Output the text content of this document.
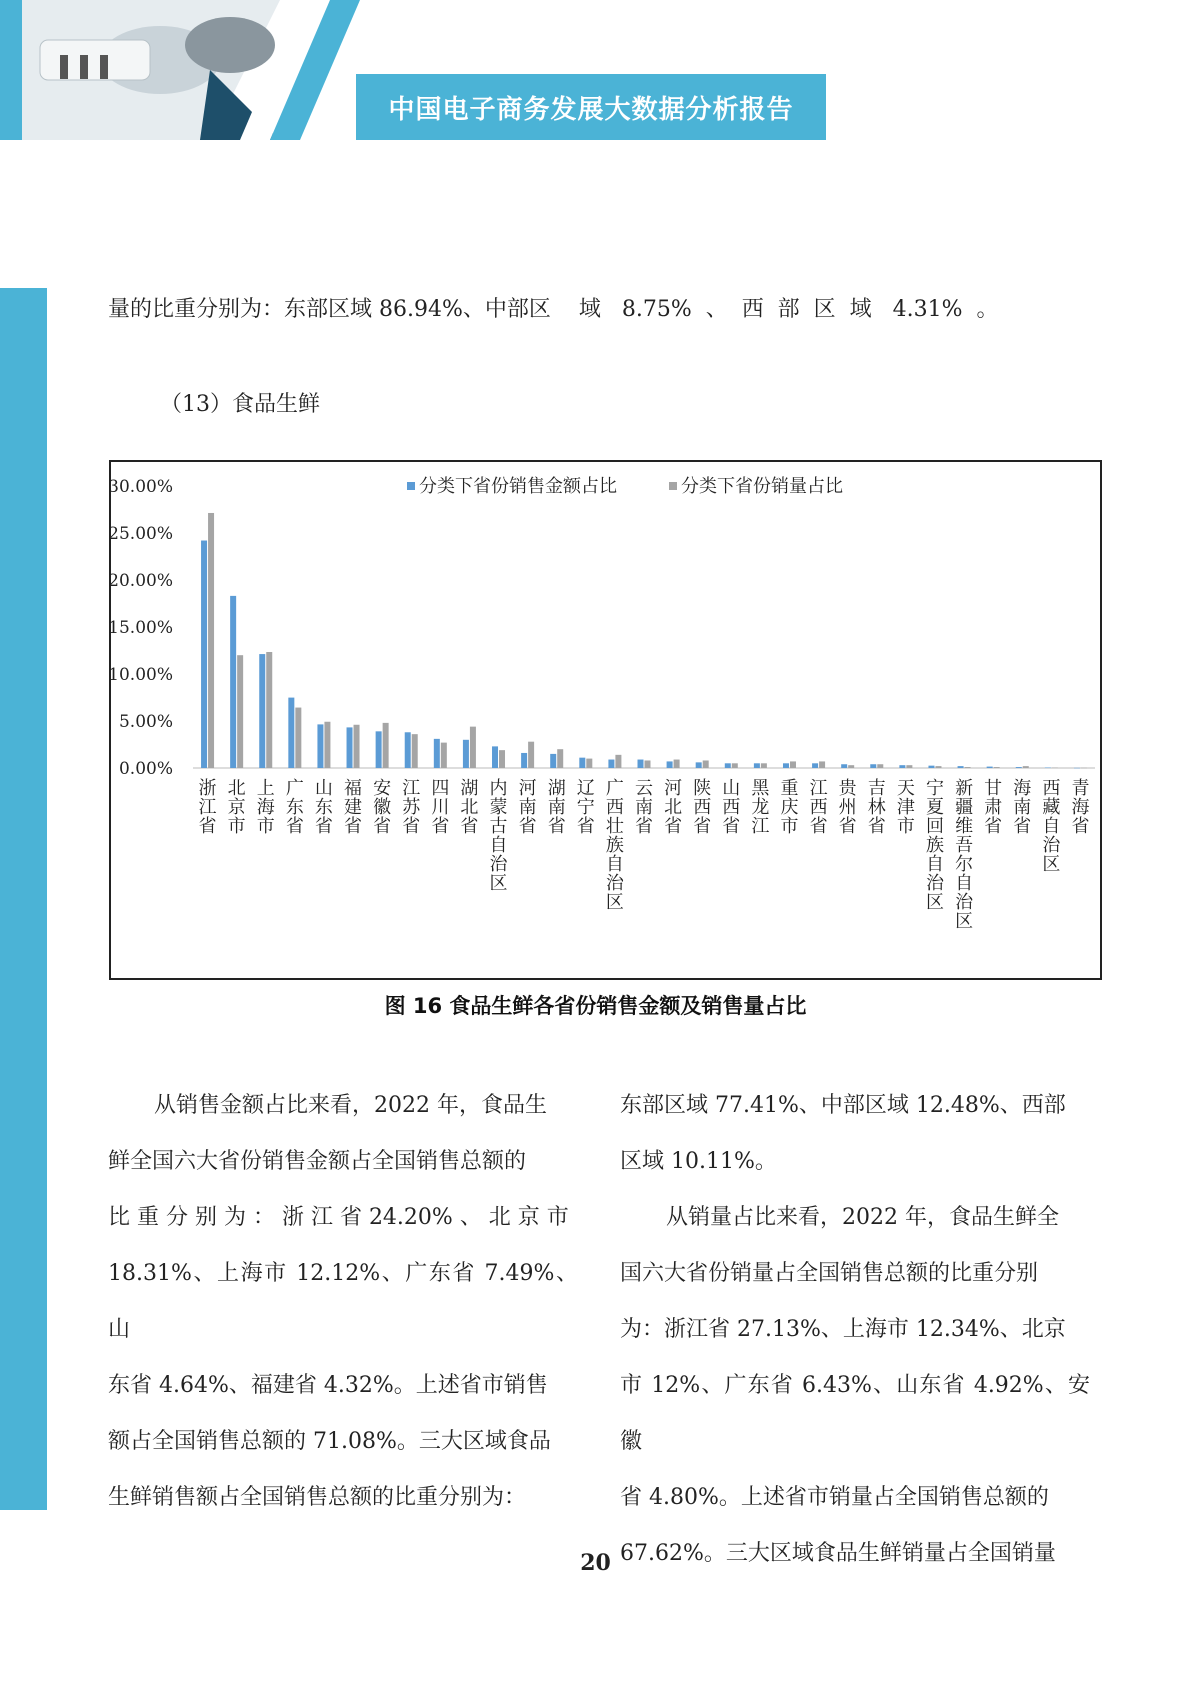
中国电子商务发展大数据分析报告
量的比重分别为：东部区域 86.94%、中部区    域   8.75%  、  西  部  区  域   4.31%  。
（13）食品生鲜
0.00%
5.00%
10.00%
15.00%
20.00%
25.00%
30.00%
浙江省
北京市
上海市
广东省
山东省
福建省
安徽省
江苏省
四川省
湖北省
内蒙古自治区
河南省
湖南省
辽宁省
广西壮族自治区
云南省
河北省
陕西省
山西省
黑龙江
重庆市
江西省
贵州省
吉林省
天津市
宁夏回族自治区
新疆维吾尔自治区
甘肃省
海南省
西藏自治区
青海省
分类下省份销售金额占比	分类下省份销量占比
图 16 食品生鲜各省份销售金额及销售量占比

从销售金额占比来看，2022 年，食品生

鲜全国六大省份销售金额占全国销售总额的

比 重 分 别 为 ： 浙 江 省 24.20% 、 北 京 市

18.31%、上海市 12.12%、广东省 7.49%、山

东省 4.64%、福建省 4.32%。上述省市销售

额占全国销售总额的 71.08%。三大区域食品

生鲜销售额占全国销售总额的比重分别为：

东部区域 77.41%、中部区域 12.48%、西部

区域 10.11%。

从销量占比来看，2022 年，食品生鲜全

国六大省份销量占全国销售总额的比重分别

为：浙江省 27.13%、上海市 12.34%、北京

市 12%、广东省 6.43%、山东省 4.92%、安徽

省 4.80%。上述省市销量占全国销售总额的

67.62%。三大区域食品生鲜销量占全国销量

20
